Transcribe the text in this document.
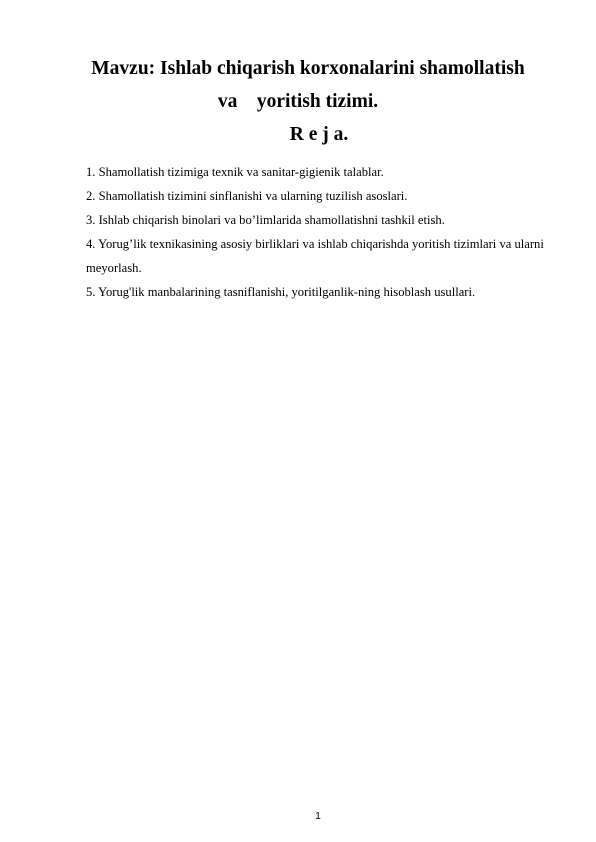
Mavzu: Ishlab chiqarish korxonalarini shamollatish
va    yoritish tizimi.
R e j a.
1. Shamollatish tizimiga texnik va sanitar-gigienik talablar.
2. Shamollatish tizimini sinflanishi va ularning tuzilish asoslari.
3. Ishlab chiqarish binolari va bo’limlarida shamollatishni tashkil etish.
4. Yorug’lik texnikasining asosiy birliklari va ishlab chiqarishda yoritish tizimlari va ularni meyorlash.
5. Yorug'lik manbalarining tasniflanishi, yoritilganlik-ning hisoblash usullari.
1
